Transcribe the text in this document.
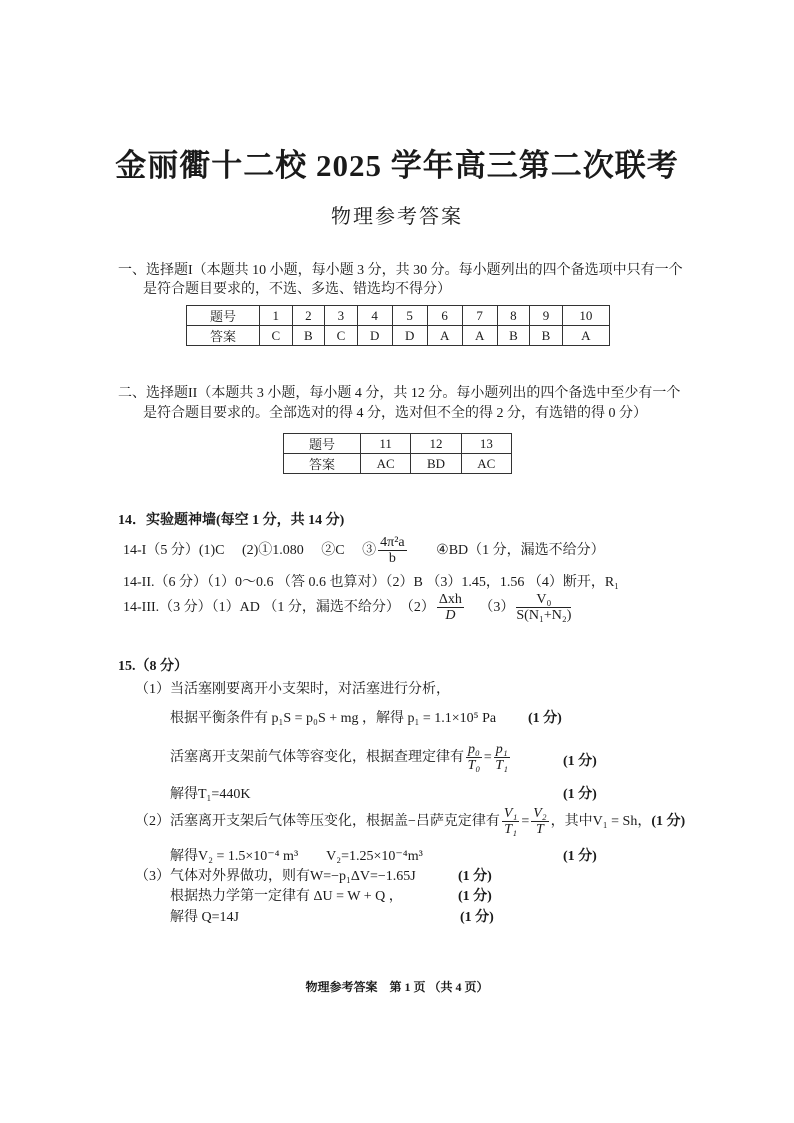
金丽衢十二校 2025 学年高三第二次联考
物理参考答案
一、选择题I（本题共 10 小题，每小题 3 分，共 30 分。每小题列出的四个备选项中只有一个
是符合题目要求的，不选、多选、错选均不得分）
题号	1	2	3	4	5	6	7	8	9	10
答案	C	B	C	D	D	A	A	B	B	A
二、选择题II（本题共 3 小题，每小题 4 分，共 12 分。每小题列出的四个备选中至少有一个
是符合题目要求的。全部选对的得 4 分，选对但不全的得 2 分，有选错的得 0 分）
题号	11	12	13
答案	AC	BD	AC
14．实验题神墙(每空 1 分，共 14 分)
14-I（5 分）(1)C　 (2)①1.080　 ②C　 ③ $\frac{\text{4π²a}}{b}$ ④BD（1 分，漏选不给分）
14-II.（6 分）（1）0～0.6 （答 0.6 也算对）（2）B （3）1.45，1.56 （4）断开，R₁
14-III.（3 分）（1）AD （1 分，漏选不给分）　$(2) \frac{\text{Δxh}}{D} (3) \frac{\text{V₀}}{\text{S(N₁+N₂)}}$
15.（8 分）
（1）当活塞刚要离开小支架时，对活塞进行分析，
根据平衡条件有 p₁S = p₀S + mg ，解得 p₁ = 1.1×10⁵ Pa (1 分)
活塞离开支架前气体等容变化，根据查理定律有 $\frac{\text{p₀}}{\text{T₀}} = \frac{\text{p₁}}{\text{T₁}}$	(1 分)
解得T₁=440K	(1 分)
（2）活塞离开支架后气体等压变化，根据盖−吕萨克定律有 $\frac{\text{V₁}}{\text{T₁}} = \frac{\text{V₂}}{T}$ ，其中V₁ = Sh，(1 分)
解得V₂ = 1.5×10⁻⁴ m³　　V₂=1.25×10⁻⁴m³	(1 分)
（3）气体对外界做功，则有W=−p₁ΔV=−1.65J	(1 分)
根据热力学第一定律有 ΔU = W + Q ，	(1 分)
解得 Q=14J	(1 分)
物理参考答案　第 1 页 （共 4 页）
